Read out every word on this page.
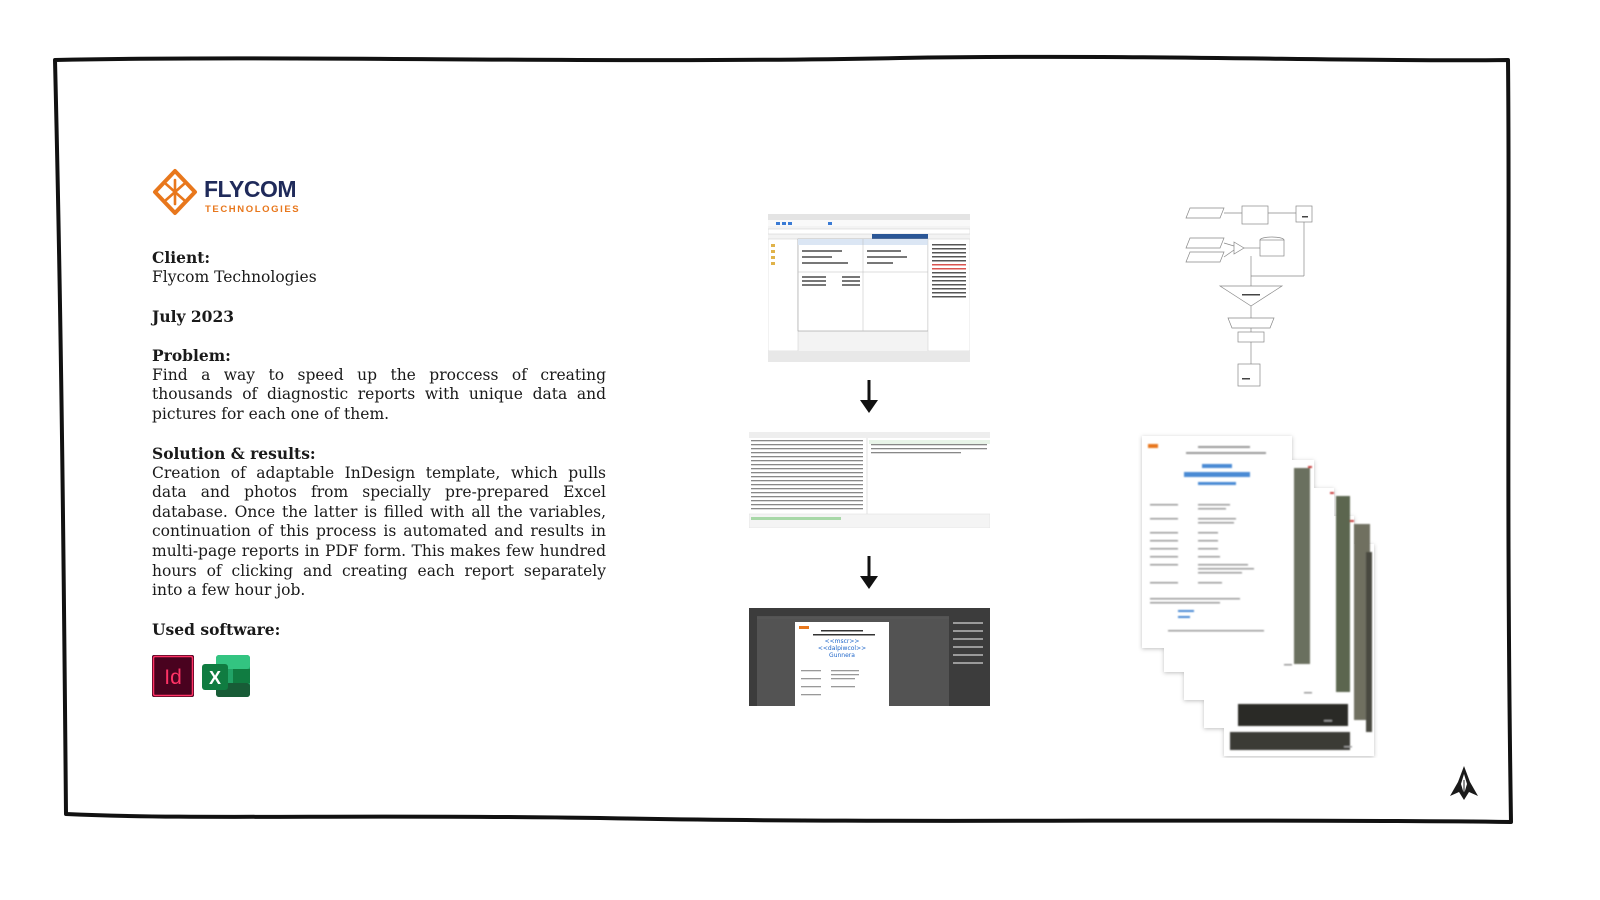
FLYCOM
TECHNOLOGIES
Client:
Flycom Technologies
July 2023
Problem:
Find a way to speed up the proccess of creating thousands of diagnostic reports with unique data and pictures for each one of them.
Solution & results:
Creation of adaptable InDesign template, which pulls data and photos from specially pre-prepared Excel database. Once the latter is filled with all the variables, continuation of this process is automated and results in multi-page reports in PDF form. This makes few hundred hours of clicking and creating each report separately into a few hour job.
Used software:
Id X
<<mscr>>
<<dalpiwcol>>
Gunnera
